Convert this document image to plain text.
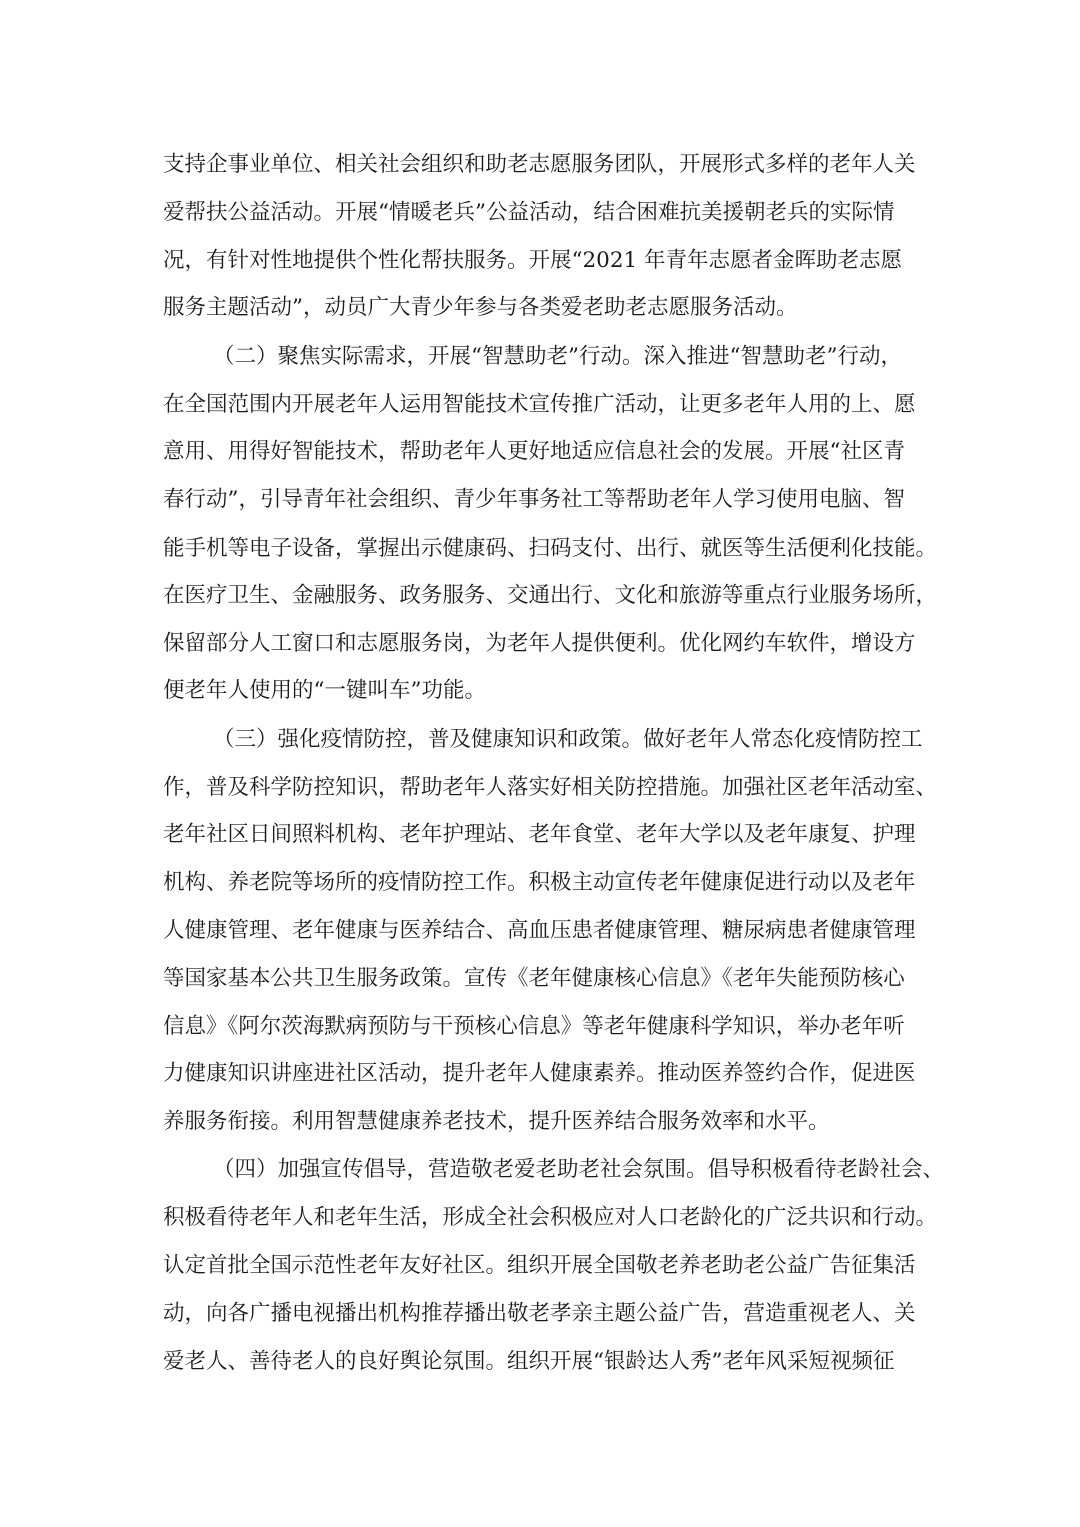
支持企事业单位、相关社会组织和助老志愿服务团队，开展形式多样的老年人关
爱帮扶公益活动。开展“情暖老兵”公益活动，结合困难抗美援朝老兵的实际情
况，有针对性地提供个性化帮扶服务。开展“2021 年青年志愿者金晖助老志愿
服务主题活动”，动员广大青少年参与各类爱老助老志愿服务活动。
（二）聚焦实际需求，开展“智慧助老”行动。深入推进“智慧助老”行动，
在全国范围内开展老年人运用智能技术宣传推广活动，让更多老年人用的上、愿
意用、用得好智能技术，帮助老年人更好地适应信息社会的发展。开展“社区青
春行动”，引导青年社会组织、青少年事务社工等帮助老年人学习使用电脑、智
能手机等电子设备，掌握出示健康码、扫码支付、出行、就医等生活便利化技能。
在医疗卫生、金融服务、政务服务、交通出行、文化和旅游等重点行业服务场所，
保留部分人工窗口和志愿服务岗，为老年人提供便利。优化网约车软件，增设方
便老年人使用的“一键叫车”功能。
（三）强化疫情防控，普及健康知识和政策。做好老年人常态化疫情防控工
作，普及科学防控知识，帮助老年人落实好相关防控措施。加强社区老年活动室、
老年社区日间照料机构、老年护理站、老年食堂、老年大学以及老年康复、护理
机构、养老院等场所的疫情防控工作。积极主动宣传老年健康促进行动以及老年
人健康管理、老年健康与医养结合、高血压患者健康管理、糖尿病患者健康管理
等国家基本公共卫生服务政策。宣传《老年健康核心信息》《老年失能预防核心
信息》《阿尔茨海默病预防与干预核心信息》等老年健康科学知识，举办老年听
力健康知识讲座进社区活动，提升老年人健康素养。推动医养签约合作，促进医
养服务衔接。利用智慧健康养老技术，提升医养结合服务效率和水平。
（四）加强宣传倡导，营造敬老爱老助老社会氛围。倡导积极看待老龄社会、
积极看待老年人和老年生活，形成全社会积极应对人口老龄化的广泛共识和行动。
认定首批全国示范性老年友好社区。组织开展全国敬老养老助老公益广告征集活
动，向各广播电视播出机构推荐播出敬老孝亲主题公益广告，营造重视老人、关
爱老人、善待老人的良好舆论氛围。组织开展“银龄达人秀”老年风采短视频征
